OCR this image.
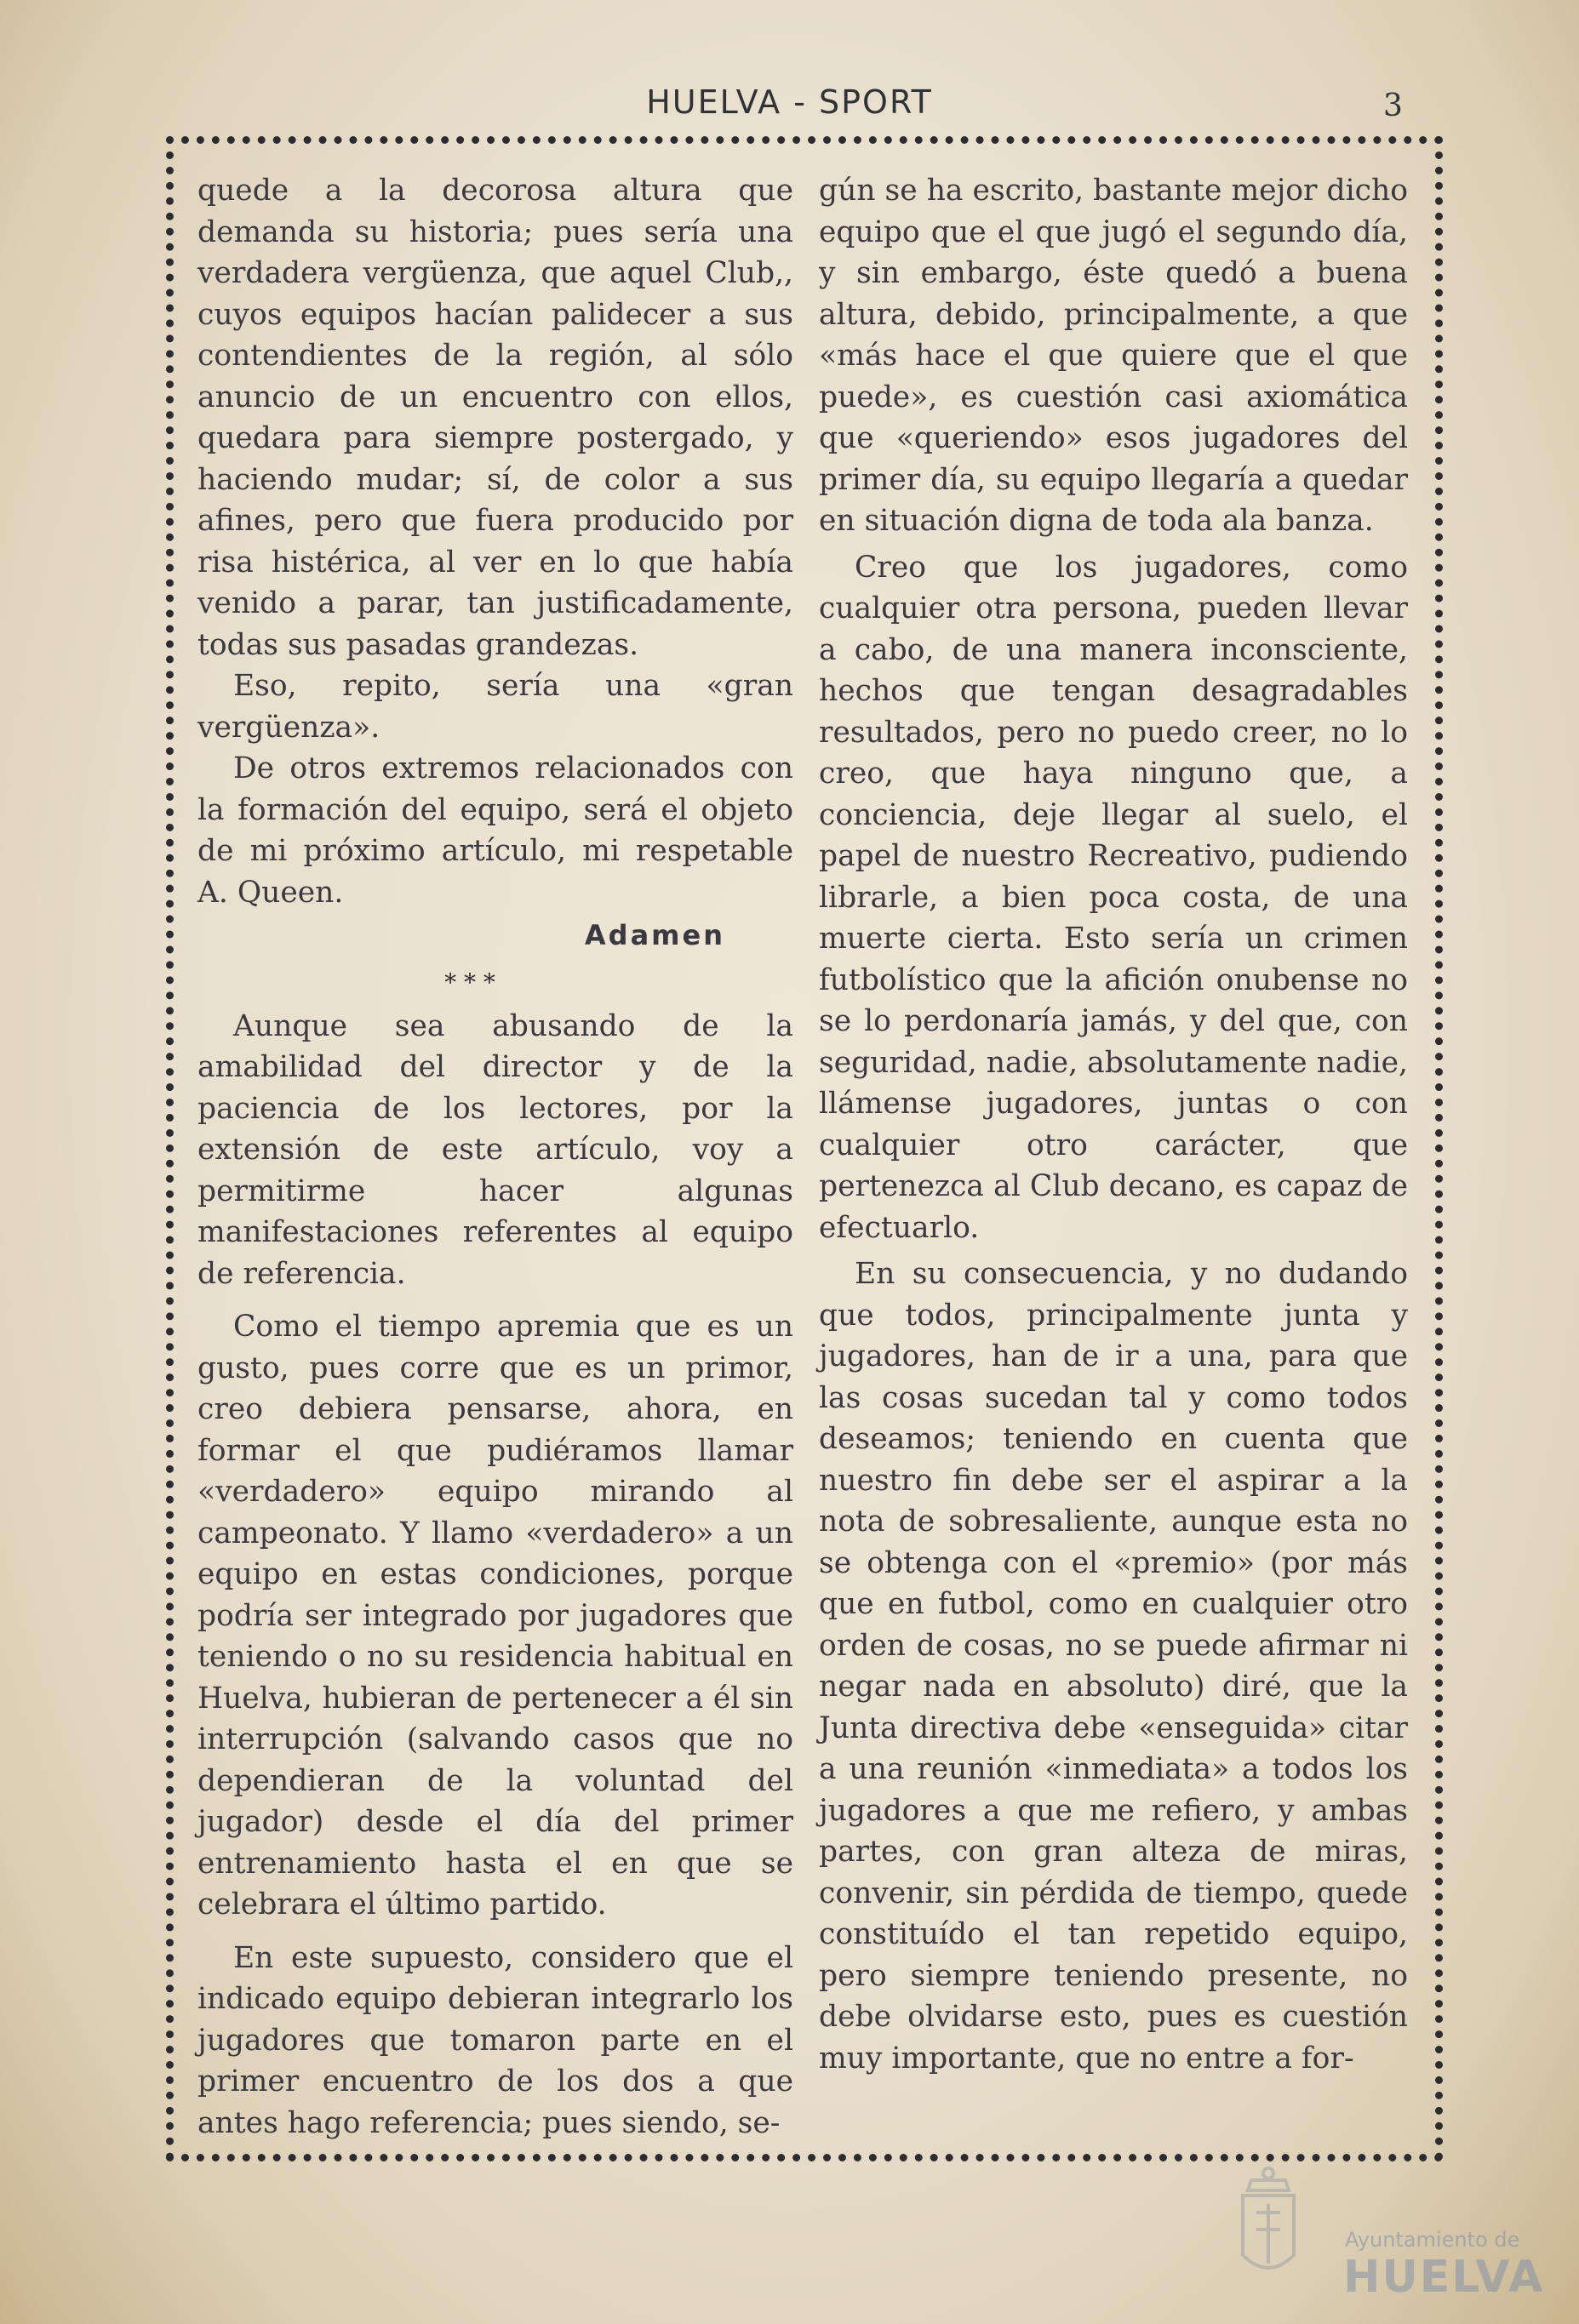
HUELVA - SPORT	3

quede a la decorosa altura que demanda su historia; pues sería una verdadera vergüenza, que aquel Club,, cuyos equipos hacían palidecer a sus contendientes de la región, al sólo anuncio de un encuentro con ellos, quedara para siempre postergado, y haciendo mudar; sí, de color a sus afines, pero que fuera producido por risa histérica, al ver en lo que había venido a parar, tan justificadamente, todas sus pasadas grandezas.

Eso, repito, sería una «gran vergüenza».

De otros extremos relacionados con la formación del equipo, será el objeto de mi próximo artículo, mi respetable A. Queen.

Adamen
* * *

Aunque sea abusando de la amabilidad del director y de la paciencia de los lectores, por la extensión de este artículo, voy a permitirme hacer algunas manifestaciones referentes al equipo de referencia.

Como el tiempo apremia que es un gusto, pues corre que es un primor, creo debiera pensarse, ahora, en formar el que pudiéramos llamar «verdadero» equipo mirando al campeonato. Y llamo «verdadero» a un equipo en estas condiciones, porque podría ser integrado por jugadores que teniendo o no su residencia habitual en Huelva, hubieran de pertenecer a él sin interrupción (salvando casos que no dependieran de la voluntad del jugador) desde el día del primer entrenamiento hasta el en que se celebrara el último partido.

En este supuesto, considero que el indicado equipo debieran integrarlo los jugadores que tomaron parte en el primer encuentro de los dos a que antes hago referencia; pues siendo, se-

gún se ha escrito, bastante mejor dicho equipo que el que jugó el segundo día, y sin embargo, éste quedó a buena altura, debido, principalmente, a que «más hace el que quiere que el que puede», es cuestión casi axiomática que «queriendo» esos jugadores del primer día, su equipo llegaría a quedar en situación digna de toda ala banza.

Creo que los jugadores, como cualquier otra persona, pueden llevar a cabo, de una manera inconsciente, hechos que tengan desagradables resultados, pero no puedo creer, no lo creo, que haya ninguno que, a conciencia, deje llegar al suelo, el papel de nuestro Recreativo, pudiendo librarle, a bien poca costa, de una muerte cierta. Esto sería un crimen futbolístico que la afición onubense no se lo perdonaría jamás, y del que, con seguridad, nadie, absolutamente nadie, llámense jugadores, juntas o con cualquier otro carácter, que pertenezca al Club decano, es capaz de efectuarlo.

En su consecuencia, y no dudando que todos, principalmente junta y jugadores, han de ir a una, para que las cosas sucedan tal y como todos deseamos; teniendo en cuenta que nuestro fin debe ser el aspirar a la nota de sobresaliente, aunque esta no se obtenga con el «premio» (por más que en futbol, como en cualquier otro orden de cosas, no se puede afirmar ni negar nada en absoluto) diré, que la Junta directiva debe «enseguida» citar a una reunión «inmediata» a todos los jugadores a que me refiero, y ambas partes, con gran alteza de miras, convenir, sin pérdida de tiempo, quede constituído el tan repetido equipo, pero siempre teniendo presente, no debe olvidarse esto, pues es cuestión muy importante, que no entre a for-

Ayuntamiento de
HUELVA
